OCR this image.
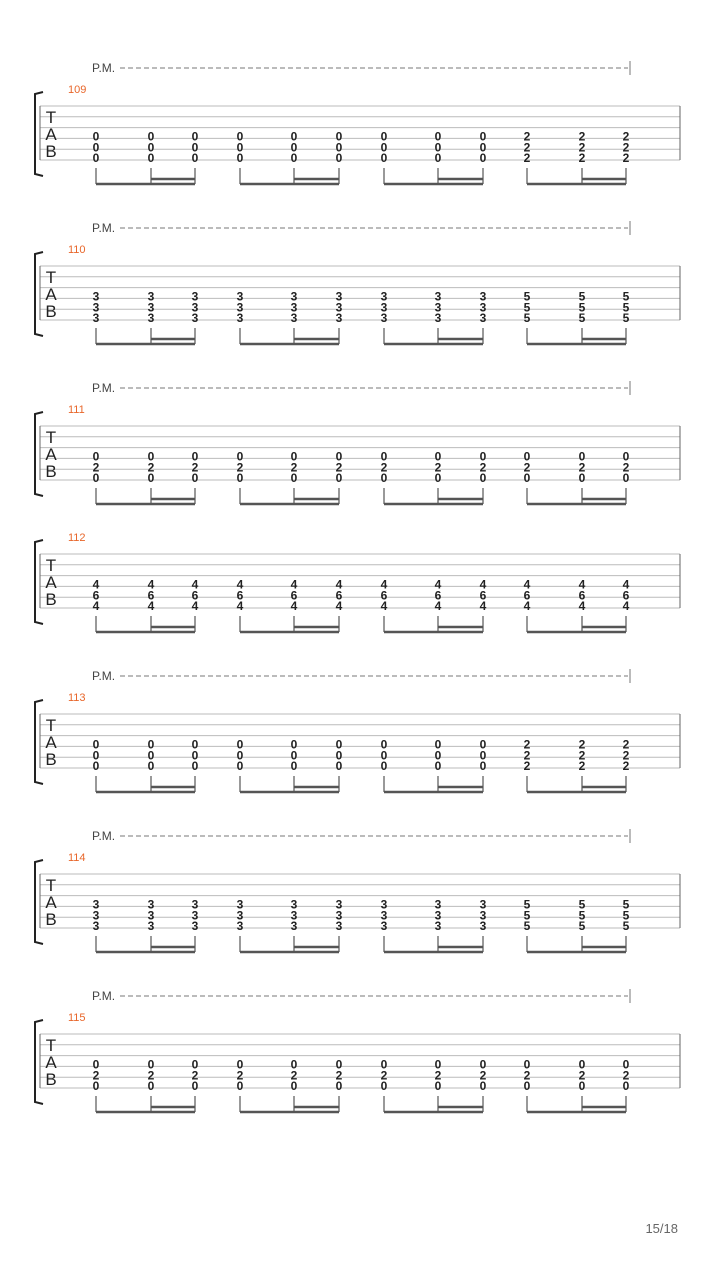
P.M.
109
T
A
B
0
0
0
0
0
0
0
0
0
0
0
0
0
0
0
0
0
0
0
0
0
0
0
0
0
0
0
2
2
2
2
2
2
2
2
2
P.M.
110
T
A
B
3
3
3
3
3
3
3
3
3
3
3
3
3
3
3
3
3
3
3
3
3
3
3
3
3
3
3
5
5
5
5
5
5
5
5
5
P.M.
111
T
A
B
0
2
0
0
2
0
0
2
0
0
2
0
0
2
0
0
2
0
0
2
0
0
2
0
0
2
0
0
2
0
0
2
0
0
2
0
112
T
A
B
4
6
4
4
6
4
4
6
4
4
6
4
4
6
4
4
6
4
4
6
4
4
6
4
4
6
4
4
6
4
4
6
4
4
6
4
P.M.
113
T
A
B
0
0
0
0
0
0
0
0
0
0
0
0
0
0
0
0
0
0
0
0
0
0
0
0
0
0
0
2
2
2
2
2
2
2
2
2
P.M.
114
T
A
B
3
3
3
3
3
3
3
3
3
3
3
3
3
3
3
3
3
3
3
3
3
3
3
3
3
3
3
5
5
5
5
5
5
5
5
5
P.M.
115
T
A
B
0
2
0
0
2
0
0
2
0
0
2
0
0
2
0
0
2
0
0
2
0
0
2
0
0
2
0
0
2
0
0
2
0
0
2
0
15/18
